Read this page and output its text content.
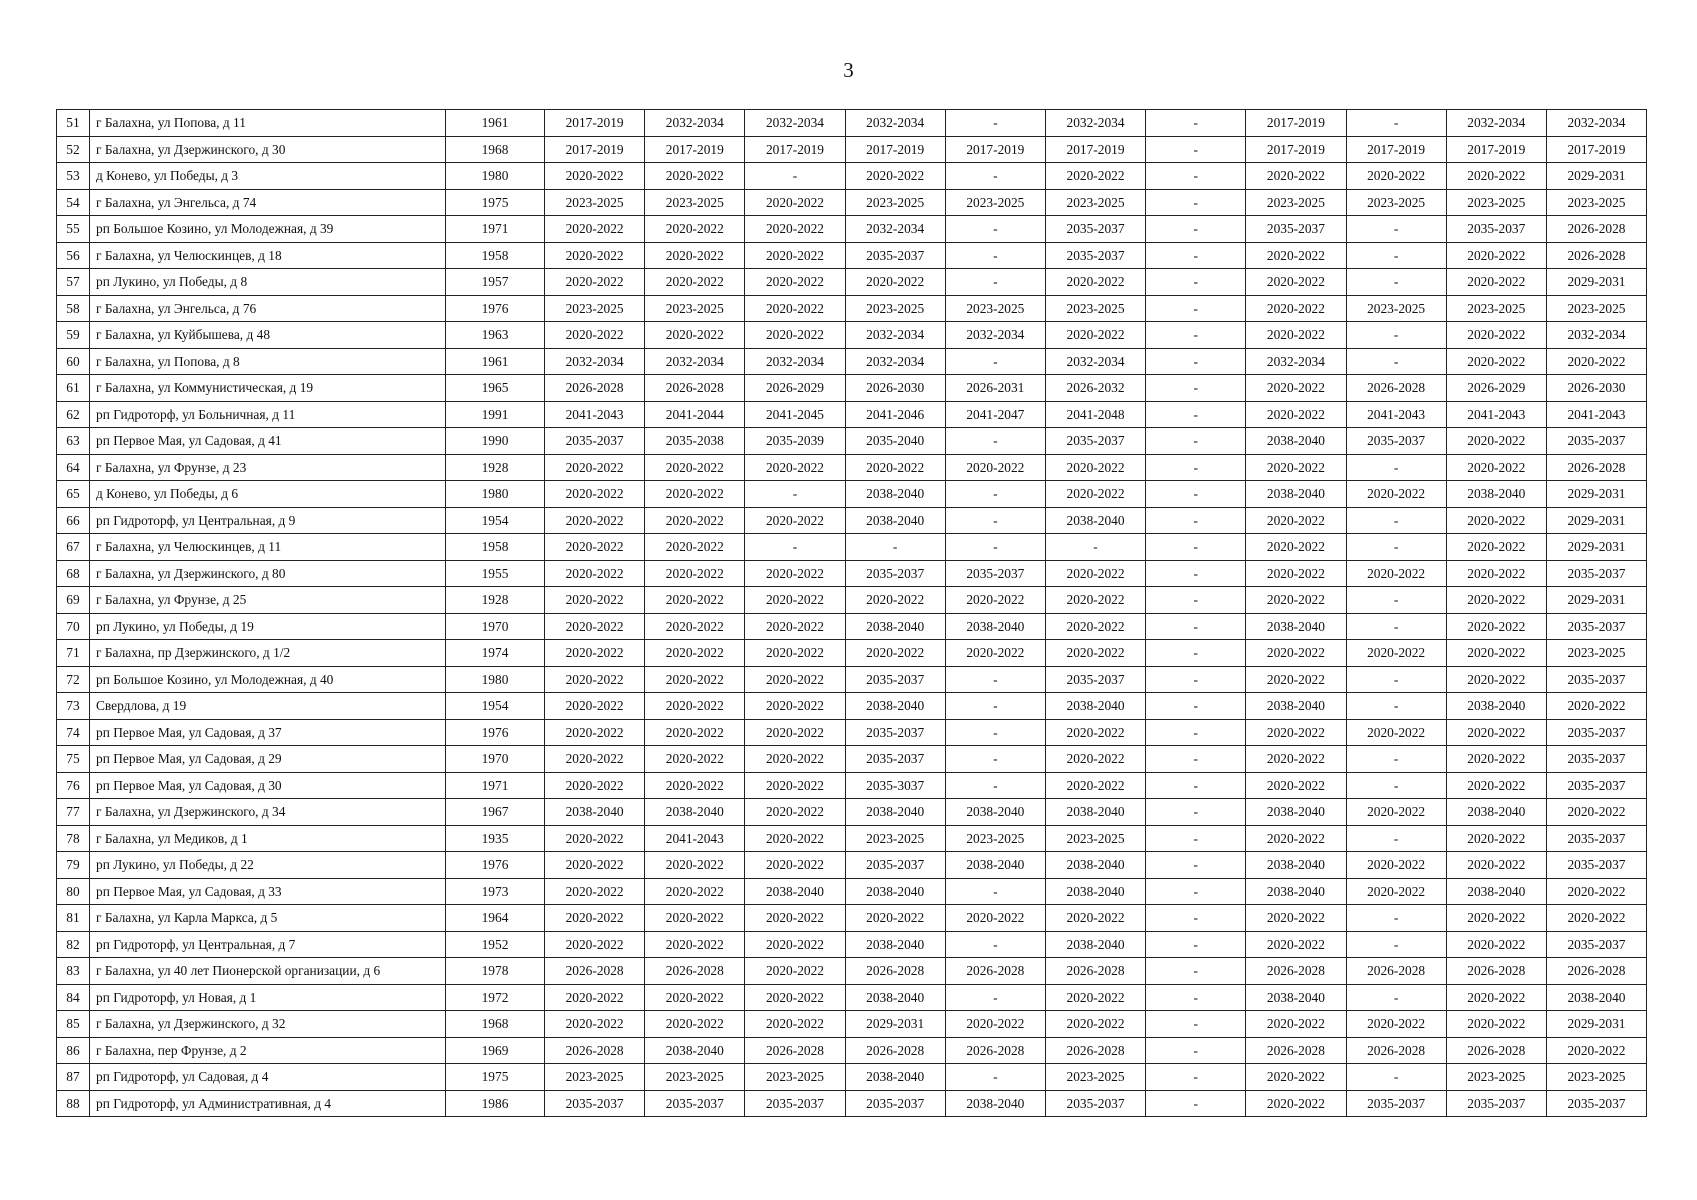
3
51	г Балахна, ул Попова, д 11	1961	2017-2019	2032-2034	2032-2034	2032-2034	-	2032-2034	-	2017-2019	-	2032-2034	2032-2034
52	г Балахна, ул Дзержинского, д 30	1968	2017-2019	2017-2019	2017-2019	2017-2019	2017-2019	2017-2019	-	2017-2019	2017-2019	2017-2019	2017-2019
53	д Конево, ул Победы, д 3	1980	2020-2022	2020-2022	-	2020-2022	-	2020-2022	-	2020-2022	2020-2022	2020-2022	2029-2031
54	г Балахна, ул Энгельса, д 74	1975	2023-2025	2023-2025	2020-2022	2023-2025	2023-2025	2023-2025	-	2023-2025	2023-2025	2023-2025	2023-2025
55	рп Большое Козино, ул Молодежная, д 39	1971	2020-2022	2020-2022	2020-2022	2032-2034	-	2035-2037	-	2035-2037	-	2035-2037	2026-2028
56	г Балахна, ул Челюскинцев, д 18	1958	2020-2022	2020-2022	2020-2022	2035-2037	-	2035-2037	-	2020-2022	-	2020-2022	2026-2028
57	рп Лукино, ул Победы, д 8	1957	2020-2022	2020-2022	2020-2022	2020-2022	-	2020-2022	-	2020-2022	-	2020-2022	2029-2031
58	г Балахна, ул Энгельса, д 76	1976	2023-2025	2023-2025	2020-2022	2023-2025	2023-2025	2023-2025	-	2020-2022	2023-2025	2023-2025	2023-2025
59	г Балахна, ул Куйбышева, д 48	1963	2020-2022	2020-2022	2020-2022	2032-2034	2032-2034	2020-2022	-	2020-2022	-	2020-2022	2032-2034
60	г Балахна, ул Попова, д 8	1961	2032-2034	2032-2034	2032-2034	2032-2034	-	2032-2034	-	2032-2034	-	2020-2022	2020-2022
61	г Балахна, ул Коммунистическая, д 19	1965	2026-2028	2026-2028	2026-2029	2026-2030	2026-2031	2026-2032	-	2020-2022	2026-2028	2026-2029	2026-2030
62	рп Гидроторф, ул Больничная, д 11	1991	2041-2043	2041-2044	2041-2045	2041-2046	2041-2047	2041-2048	-	2020-2022	2041-2043	2041-2043	2041-2043
63	рп Первое Мая, ул Садовая, д 41	1990	2035-2037	2035-2038	2035-2039	2035-2040	-	2035-2037	-	2038-2040	2035-2037	2020-2022	2035-2037
64	г Балахна, ул Фрунзе, д 23	1928	2020-2022	2020-2022	2020-2022	2020-2022	2020-2022	2020-2022	-	2020-2022	-	2020-2022	2026-2028
65	д Конево, ул Победы, д 6	1980	2020-2022	2020-2022	-	2038-2040	-	2020-2022	-	2038-2040	2020-2022	2038-2040	2029-2031
66	рп Гидроторф, ул Центральная, д 9	1954	2020-2022	2020-2022	2020-2022	2038-2040	-	2038-2040	-	2020-2022	-	2020-2022	2029-2031
67	г Балахна, ул Челюскинцев, д 11	1958	2020-2022	2020-2022	-	-	-	-	-	2020-2022	-	2020-2022	2029-2031
68	г Балахна, ул Дзержинского, д 80	1955	2020-2022	2020-2022	2020-2022	2035-2037	2035-2037	2020-2022	-	2020-2022	2020-2022	2020-2022	2035-2037
69	г Балахна, ул Фрунзе, д 25	1928	2020-2022	2020-2022	2020-2022	2020-2022	2020-2022	2020-2022	-	2020-2022	-	2020-2022	2029-2031
70	рп Лукино, ул Победы, д 19	1970	2020-2022	2020-2022	2020-2022	2038-2040	2038-2040	2020-2022	-	2038-2040	-	2020-2022	2035-2037
71	г Балахна, пр Дзержинского, д 1/2	1974	2020-2022	2020-2022	2020-2022	2020-2022	2020-2022	2020-2022	-	2020-2022	2020-2022	2020-2022	2023-2025
72	рп Большое Козино, ул Молодежная, д 40	1980	2020-2022	2020-2022	2020-2022	2035-2037	-	2035-2037	-	2020-2022	-	2020-2022	2035-2037
73	Свердлова, д 19	1954	2020-2022	2020-2022	2020-2022	2038-2040	-	2038-2040	-	2038-2040	-	2038-2040	2020-2022
74	рп Первое Мая, ул Садовая, д 37	1976	2020-2022	2020-2022	2020-2022	2035-2037	-	2020-2022	-	2020-2022	2020-2022	2020-2022	2035-2037
75	рп Первое Мая, ул Садовая, д 29	1970	2020-2022	2020-2022	2020-2022	2035-2037	-	2020-2022	-	2020-2022	-	2020-2022	2035-2037
76	рп Первое Мая, ул Садовая, д 30	1971	2020-2022	2020-2022	2020-2022	2035-3037	-	2020-2022	-	2020-2022	-	2020-2022	2035-2037
77	г Балахна, ул Дзержинского, д 34	1967	2038-2040	2038-2040	2020-2022	2038-2040	2038-2040	2038-2040	-	2038-2040	2020-2022	2038-2040	2020-2022
78	г Балахна, ул Медиков, д 1	1935	2020-2022	2041-2043	2020-2022	2023-2025	2023-2025	2023-2025	-	2020-2022	-	2020-2022	2035-2037
79	рп Лукино, ул Победы, д 22	1976	2020-2022	2020-2022	2020-2022	2035-2037	2038-2040	2038-2040	-	2038-2040	2020-2022	2020-2022	2035-2037
80	рп Первое Мая, ул Садовая, д 33	1973	2020-2022	2020-2022	2038-2040	2038-2040	-	2038-2040	-	2038-2040	2020-2022	2038-2040	2020-2022
81	г Балахна, ул Карла Маркса, д 5	1964	2020-2022	2020-2022	2020-2022	2020-2022	2020-2022	2020-2022	-	2020-2022	-	2020-2022	2020-2022
82	рп Гидроторф, ул Центральная, д 7	1952	2020-2022	2020-2022	2020-2022	2038-2040	-	2038-2040	-	2020-2022	-	2020-2022	2035-2037
83	г Балахна, ул 40 лет Пионерской организации, д 6	1978	2026-2028	2026-2028	2020-2022	2026-2028	2026-2028	2026-2028	-	2026-2028	2026-2028	2026-2028	2026-2028
84	рп Гидроторф, ул Новая, д 1	1972	2020-2022	2020-2022	2020-2022	2038-2040	-	2020-2022	-	2038-2040	-	2020-2022	2038-2040
85	г Балахна, ул Дзержинского, д 32	1968	2020-2022	2020-2022	2020-2022	2029-2031	2020-2022	2020-2022	-	2020-2022	2020-2022	2020-2022	2029-2031
86	г Балахна, пер Фрунзе, д 2	1969	2026-2028	2038-2040	2026-2028	2026-2028	2026-2028	2026-2028	-	2026-2028	2026-2028	2026-2028	2020-2022
87	рп Гидроторф, ул Садовая, д 4	1975	2023-2025	2023-2025	2023-2025	2038-2040	-	2023-2025	-	2020-2022	-	2023-2025	2023-2025
88	рп Гидроторф, ул Административная, д 4	1986	2035-2037	2035-2037	2035-2037	2035-2037	2038-2040	2035-2037	-	2020-2022	2035-2037	2035-2037	2035-2037
